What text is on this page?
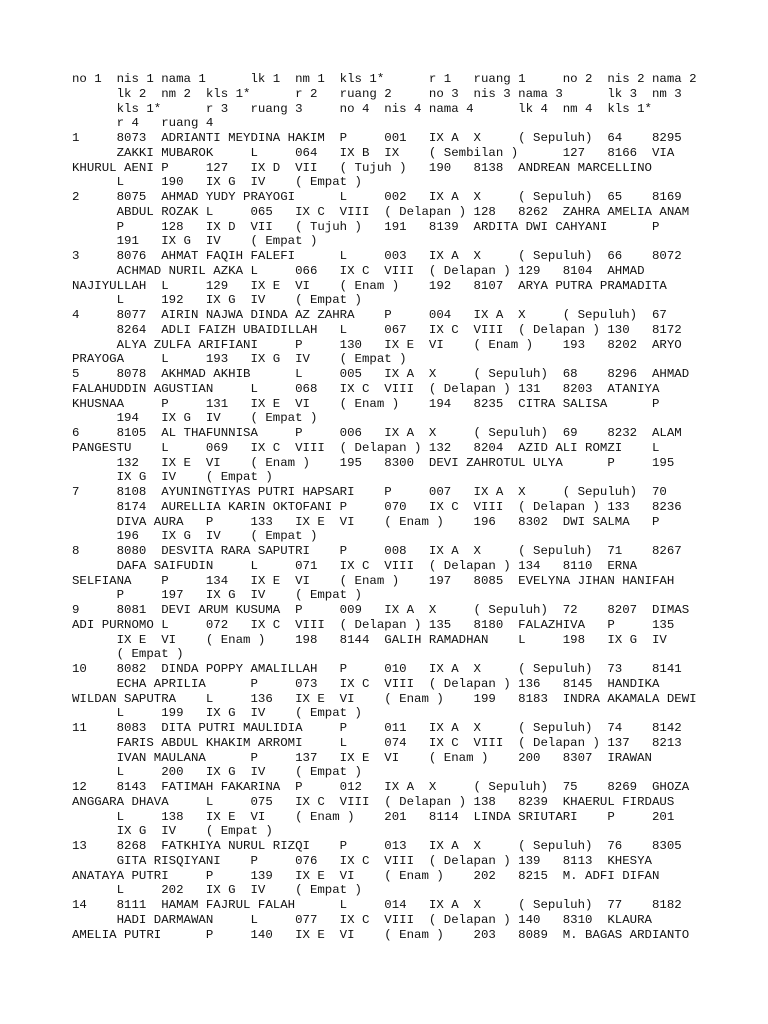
no 1  nis 1 nama 1      lk 1  nm 1  kls 1*      r 1   ruang 1     no 2  nis 2 nama 2
lk 2  nm 2  kls 1*      r 2   ruang 2     no 3  nis 3 nama 3      lk 3  nm 3
kls 1*      r 3   ruang 3     no 4  nis 4 nama 4      lk 4  nm 4  kls 1*
r 4   ruang 4
1     8073  ADRIANTI MEYDINA HAKIM  P     001   IX A  X     ( Sepuluh)  64    8295
ZAKKI MUBAROK     L     064   IX B  IX    ( Sembilan )      127   8166  VIA
KHURUL AENI P     127   IX D  VII   ( Tujuh )   190   8138  ANDREAN MARCELLINO
L     190   IX G  IV    ( Empat )
2     8075  AHMAD YUDY PRAYOGI      L     002   IX A  X     ( Sepuluh)  65    8169
ABDUL ROZAK L     065   IX C  VIII  ( Delapan ) 128   8262  ZAHRA AMELIA ANAM
P     128   IX D  VII   ( Tujuh )   191   8139  ARDITA DWI CAHYANI      P
191   IX G  IV    ( Empat )
3     8076  AHMAT FAQIH FALEFI      L     003   IX A  X     ( Sepuluh)  66    8072
ACHMAD NURIL AZKA L     066   IX C  VIII  ( Delapan ) 129   8104  AHMAD
NAJIYULLAH  L     129   IX E  VI    ( Enam )    192   8107  ARYA PUTRA PRAMADITA
L     192   IX G  IV    ( Empat )
4     8077  AIRIN NAJWA DINDA AZ ZAHRA    P     004   IX A  X     ( Sepuluh)  67
8264  ADLI FAIZH UBAIDILLAH   L     067   IX C  VIII  ( Delapan ) 130   8172
ALYA ZULFA ARIFIANI     P     130   IX E  VI    ( Enam )    193   8202  ARYO
PRAYOGA     L     193   IX G  IV    ( Empat )
5     8078  AKHMAD AKHIB      L     005   IX A  X     ( Sepuluh)  68    8296  AHMAD
FALAHUDDIN AGUSTIAN     L     068   IX C  VIII  ( Delapan ) 131   8203  ATANIYA
KHUSNAA     P     131   IX E  VI    ( Enam )    194   8235  CITRA SALISA      P
194   IX G  IV    ( Empat )
6     8105  AL THAFUNNISA     P     006   IX A  X     ( Sepuluh)  69    8232  ALAM
PANGESTU    L     069   IX C  VIII  ( Delapan ) 132   8204  AZID ALI ROMZI    L
132   IX E  VI    ( Enam )    195   8300  DEVI ZAHROTUL ULYA      P     195
IX G  IV    ( Empat )
7     8108  AYUNINGTIYAS PUTRI HAPSARI    P     007   IX A  X     ( Sepuluh)  70
8174  AURELLIA KARIN OKTOFANI P     070   IX C  VIII  ( Delapan ) 133   8236
DIVA AURA   P     133   IX E  VI    ( Enam )    196   8302  DWI SALMA   P
196   IX G  IV    ( Empat )
8     8080  DESVITA RARA SAPUTRI    P     008   IX A  X     ( Sepuluh)  71    8267
DAFA SAIFUDIN     L     071   IX C  VIII  ( Delapan ) 134   8110  ERNA
SELFIANA    P     134   IX E  VI    ( Enam )    197   8085  EVELYNA JIHAN HANIFAH
P     197   IX G  IV    ( Empat )
9     8081  DEVI ARUM KUSUMA  P     009   IX A  X     ( Sepuluh)  72    8207  DIMAS
ADI PURNOMO L     072   IX C  VIII  ( Delapan ) 135   8180  FALAZHIVA   P     135
IX E  VI    ( Enam )    198   8144  GALIH RAMADHAN    L     198   IX G  IV
( Empat )
10    8082  DINDA POPPY AMALILLAH   P     010   IX A  X     ( Sepuluh)  73    8141
ECHA APRILIA      P     073   IX C  VIII  ( Delapan ) 136   8145  HANDIKA
WILDAN SAPUTRA    L     136   IX E  VI    ( Enam )    199   8183  INDRA AKAMALA DEWI
L     199   IX G  IV    ( Empat )
11    8083  DITA PUTRI MAULIDIA     P     011   IX A  X     ( Sepuluh)  74    8142
FARIS ABDUL KHAKIM ARROMI     L     074   IX C  VIII  ( Delapan ) 137   8213
IVAN MAULANA      P     137   IX E  VI    ( Enam )    200   8307  IRAWAN
L     200   IX G  IV    ( Empat )
12    8143  FATIMAH FAKARINA  P     012   IX A  X     ( Sepuluh)  75    8269  GHOZA
ANGGARA DHAVA     L     075   IX C  VIII  ( Delapan ) 138   8239  KHAERUL FIRDAUS
L     138   IX E  VI    ( Enam )    201   8114  LINDA SRIUTARI    P     201
IX G  IV    ( Empat )
13    8268  FATKHIYA NURUL RIZQI    P     013   IX A  X     ( Sepuluh)  76    8305
GITA RISQIYANI    P     076   IX C  VIII  ( Delapan ) 139   8113  KHESYA
ANATAYA PUTRI     P     139   IX E  VI    ( Enam )    202   8215  M. ADFI DIFAN
L     202   IX G  IV    ( Empat )
14    8111  HAMAM FAJRUL FALAH      L     014   IX A  X     ( Sepuluh)  77    8182
HADI DARMAWAN     L     077   IX C  VIII  ( Delapan ) 140   8310  KLAURA
AMELIA PUTRI      P     140   IX E  VI    ( Enam )    203   8089  M. BAGAS ARDIANTO
